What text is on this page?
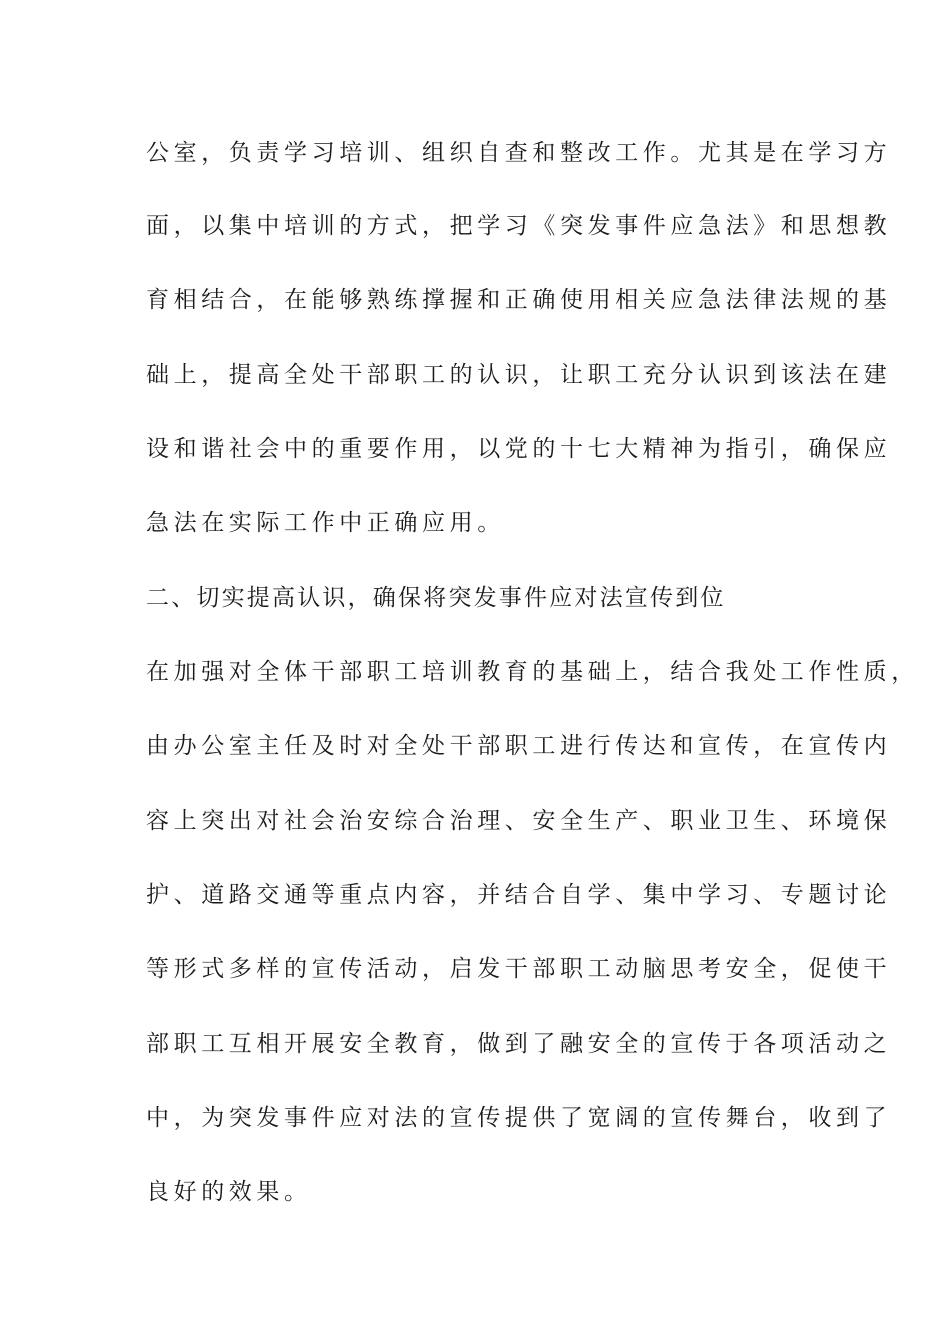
公室，负责学习培训、组织自查和整改工作。尤其是在学习方
面，以集中培训的方式，把学习《突发事件应急法》和思想教
育相结合，在能够熟练撑握和正确使用相关应急法律法规的基
础上，提高全处干部职工的认识，让职工充分认识到该法在建
设和谐社会中的重要作用，以党的十七大精神为指引，确保应
急法在实际工作中正确应用。
二、切实提高认识，确保将突发事件应对法宣传到位
在加强对全体干部职工培训教育的基础上，结合我处工作性质，
由办公室主任及时对全处干部职工进行传达和宣传，在宣传内
容上突出对社会治安综合治理、安全生产、职业卫生、环境保
护、道路交通等重点内容，并结合自学、集中学习、专题讨论
等形式多样的宣传活动，启发干部职工动脑思考安全，促使干
部职工互相开展安全教育，做到了融安全的宣传于各项活动之
中，为突发事件应对法的宣传提供了宽阔的宣传舞台，收到了
良好的效果。
